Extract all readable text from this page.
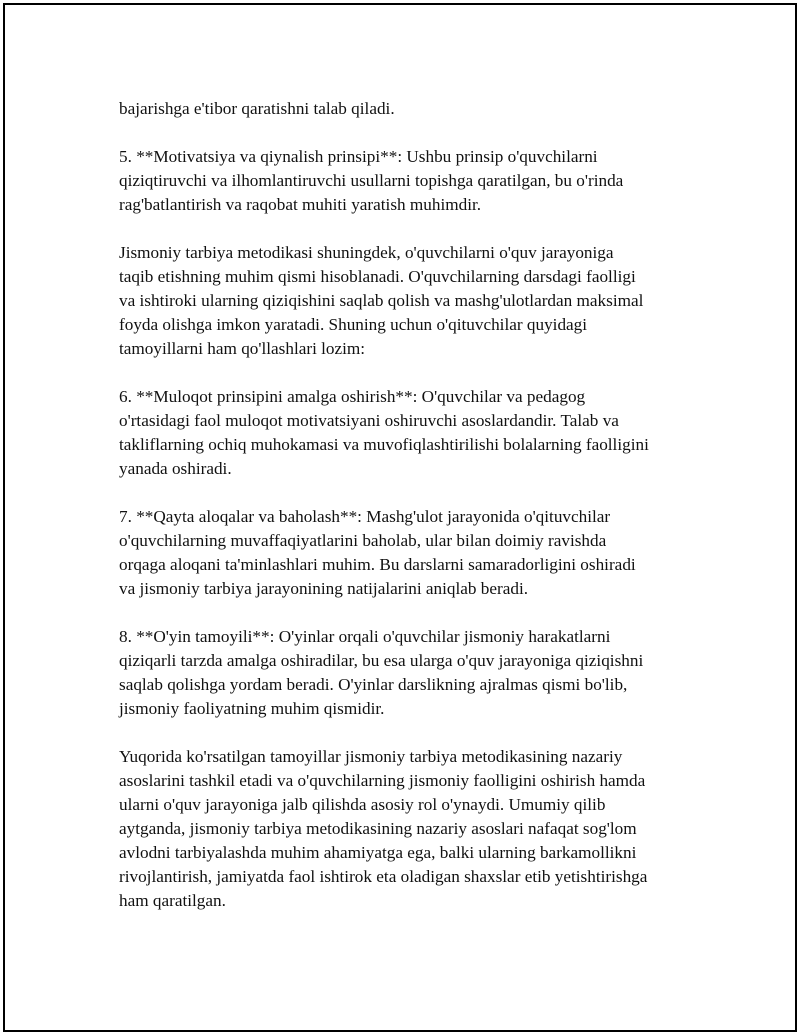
bajarishga e'tibor qaratishni talab qiladi.

5. **Motivatsiya va qiynalish prinsipi**: Ushbu prinsip o'quvchilarni
qiziqtiruvchi va ilhomlantiruvchi usullarni topishga qaratilgan, bu o'rinda
rag'batlantirish va raqobat muhiti yaratish muhimdir.

Jismoniy tarbiya metodikasi shuningdek, o'quvchilarni o'quv jarayoniga
taqib etishning muhim qismi hisoblanadi. O'quvchilarning darsdagi faolligi
va ishtiroki ularning qiziqishini saqlab qolish va mashg'ulotlardan maksimal
foyda olishga imkon yaratadi. Shuning uchun o'qituvchilar quyidagi
tamoyillarni ham qo'llashlari lozim:

6. **Muloqot prinsipini amalga oshirish**: O'quvchilar va pedagog
o'rtasidagi faol muloqot motivatsiyani oshiruvchi asoslardandir. Talab va
takliflarning ochiq muhokamasi va muvofiqlashtirilishi bolalarning faolligini
yanada oshiradi.

7. **Qayta aloqalar va baholash**: Mashg'ulot jarayonida o'qituvchilar
o'quvchilarning muvaffaqiyatlarini baholab, ular bilan doimiy ravishda
orqaga aloqani ta'minlashlari muhim. Bu darslarni samaradorligini oshiradi
va jismoniy tarbiya jarayonining natijalarini aniqlab beradi.

8. **O'yin tamoyili**: O'yinlar orqali o'quvchilar jismoniy harakatlarni
qiziqarli tarzda amalga oshiradilar, bu esa ularga o'quv jarayoniga qiziqishni
saqlab qolishga yordam beradi. O'yinlar darslikning ajralmas qismi bo'lib,
jismoniy faoliyatning muhim qismidir.

Yuqorida ko'rsatilgan tamoyillar jismoniy tarbiya metodikasining nazariy
asoslarini tashkil etadi va o'quvchilarning jismoniy faolligini oshirish hamda
ularni o'quv jarayoniga jalb qilishda asosiy rol o'ynaydi. Umumiy qilib
aytganda, jismoniy tarbiya metodikasining nazariy asoslari nafaqat sog'lom
avlodni tarbiyalashda muhim ahamiyatga ega, balki ularning barkamollikni
rivojlantirish, jamiyatda faol ishtirok eta oladigan shaxslar etib yetishtirishga
ham qaratilgan.
